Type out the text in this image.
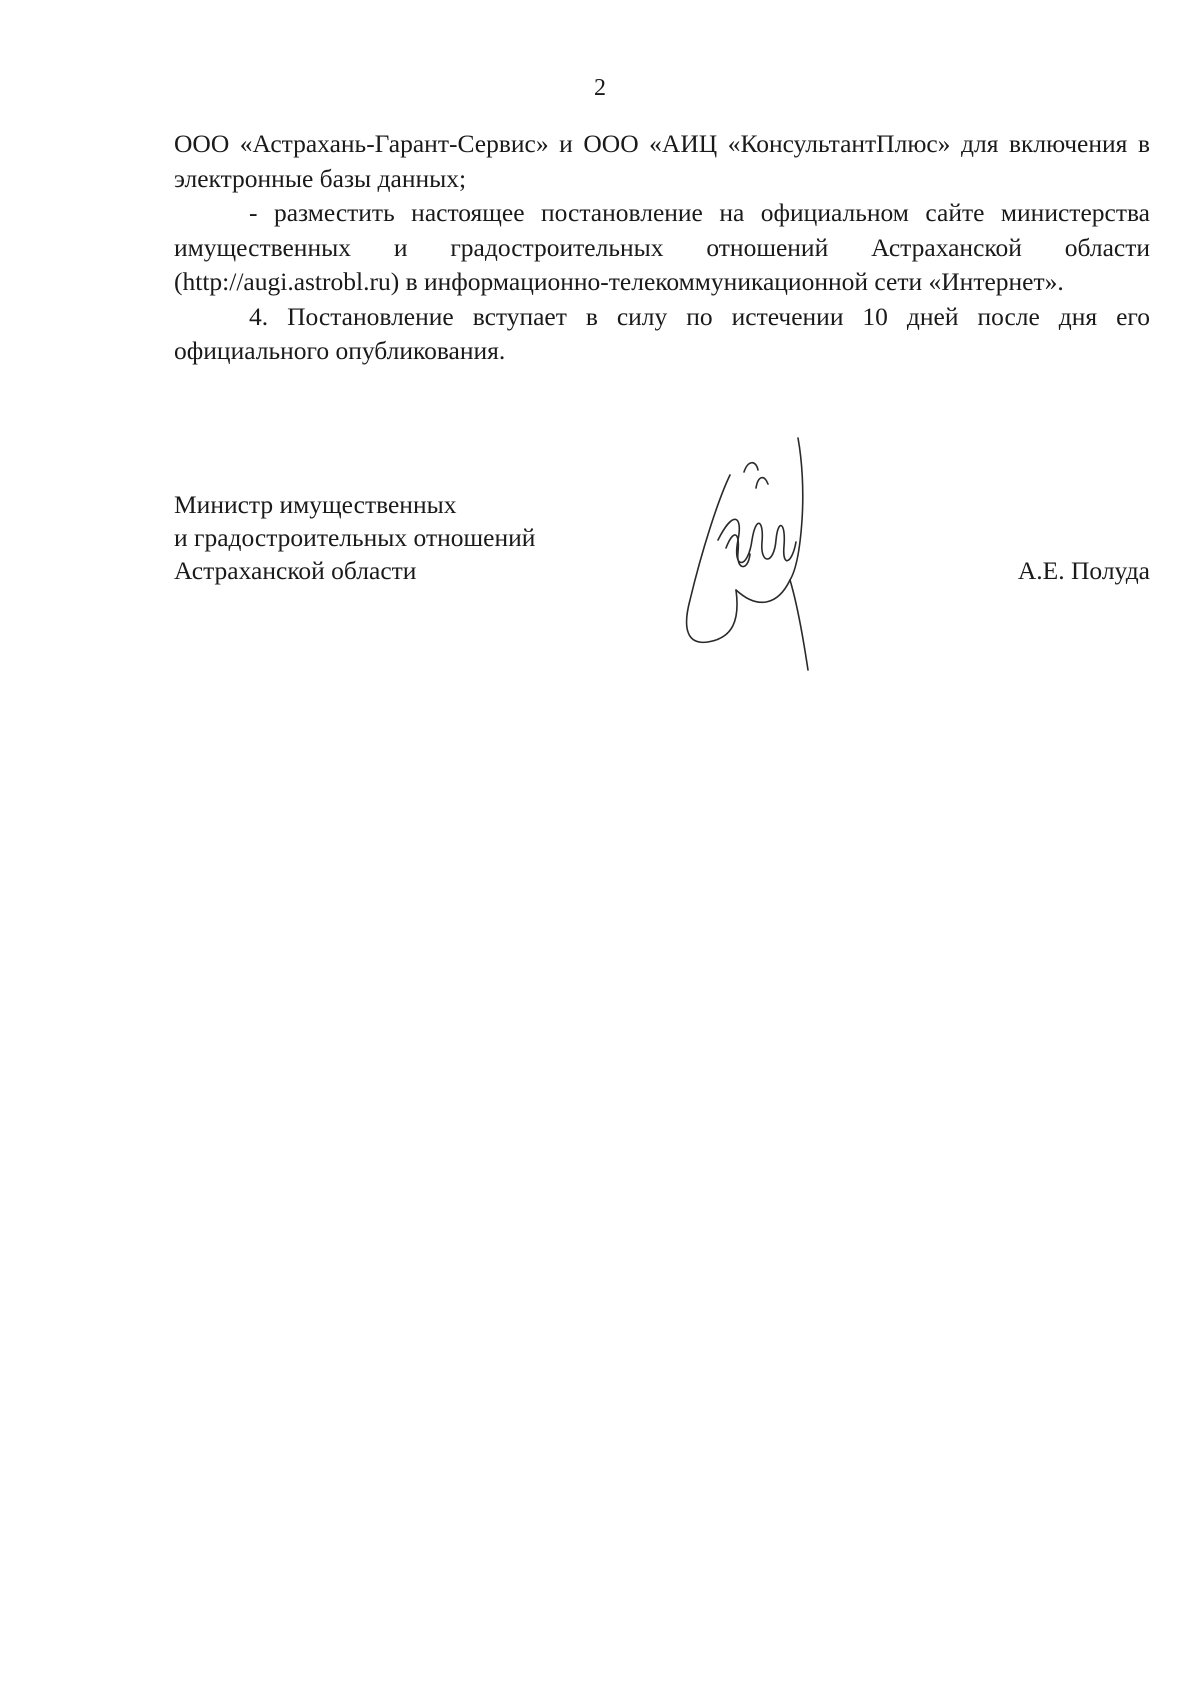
2

ООО «Астрахань-Гарант-Сервис» и ООО «АИЦ «КонсультантПлюс» для включения в электронные базы данных;

- разместить настоящее постановление на официальном сайте министерства имущественных и градостроительных отношений Астраханской области (http://augi.astrobl.ru) в информационно-телекоммуникационной сети «Интернет».

4. Постановление вступает в силу по истечении 10 дней после дня его официального опубликования.

Министр имущественных
и градостроительных отношений
Астраханской области	А.Е. Полуда
